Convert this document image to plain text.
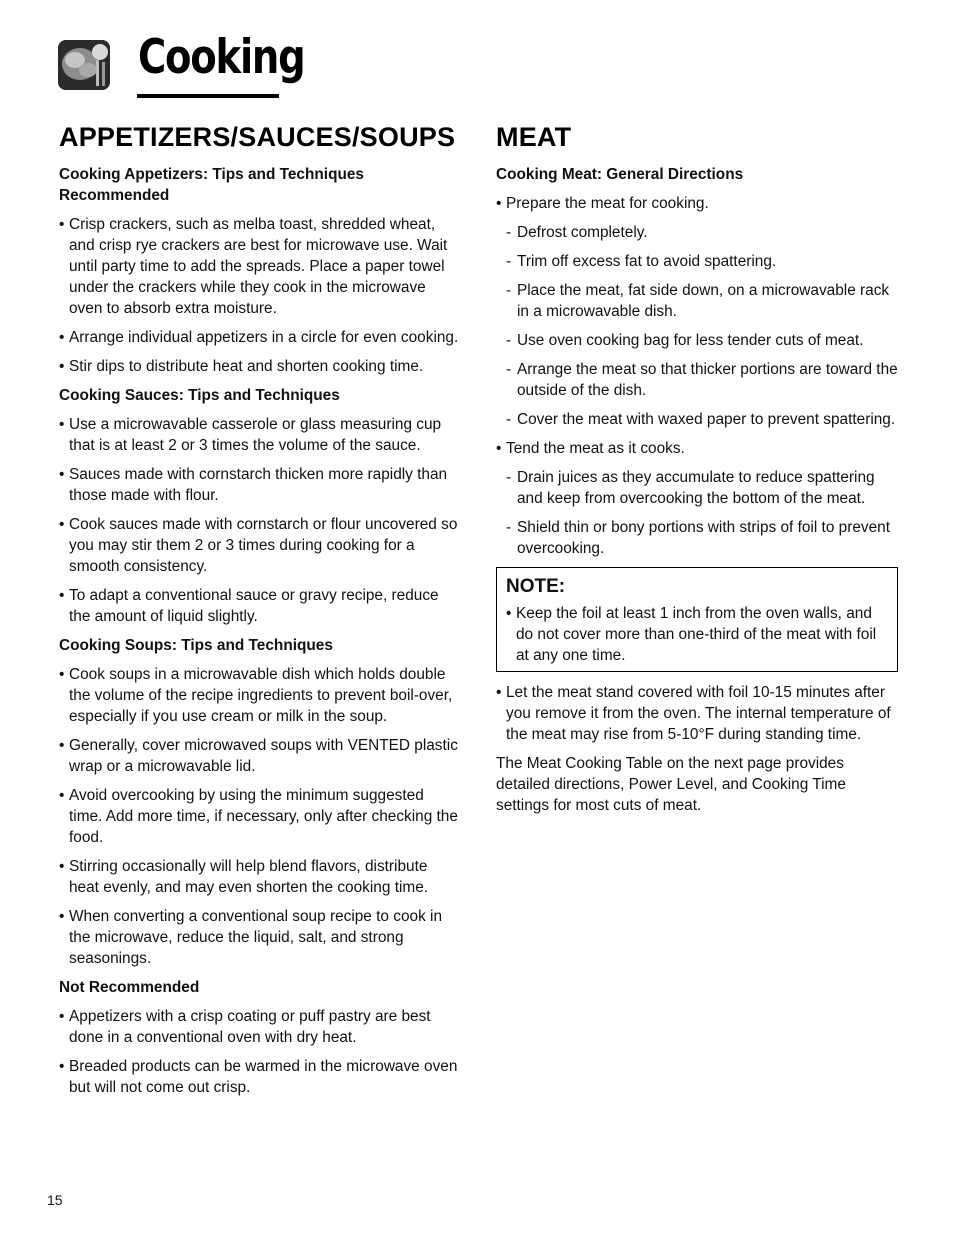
Cooking
APPETIZERS/SAUCES/SOUPS

Cooking Appetizers: Tips and Techniques Recommended

• Crisp crackers, such as melba toast, shredded wheat, and crisp rye crackers are best for microwave use. Wait until party time to add the spreads. Place a paper towel under the crackers while they cook in the microwave oven to absorb extra moisture.
• Arrange individual appetizers in a circle for even cooking.
• Stir dips to distribute heat and shorten cooking time.

Cooking Sauces: Tips and Techniques

• Use a microwavable casserole or glass measuring cup that is at least 2 or 3 times the volume of the sauce.
• Sauces made with cornstarch thicken more rapidly than those made with flour.
• Cook sauces made with cornstarch or flour uncovered so you may stir them 2 or 3 times during cooking for a smooth consistency.
• To adapt a conventional sauce or gravy recipe, reduce the amount of liquid slightly.

Cooking Soups: Tips and Techniques

• Cook soups in a microwavable dish which holds double the volume of the recipe ingredients to prevent boil-over, especially if you use cream or milk in the soup.
• Generally, cover microwaved soups with VENTED plastic wrap or a microwavable lid.
• Avoid overcooking by using the minimum suggested time. Add more time, if necessary, only after checking the food.
• Stirring occasionally will help blend flavors, distribute heat evenly, and may even shorten the cooking time.
• When converting a conventional soup recipe to cook in the microwave, reduce the liquid, salt, and strong seasonings.

Not Recommended

• Appetizers with a crisp coating or puff pastry are best done in a conventional oven with dry heat.
• Breaded products can be warmed in the microwave oven but will not come out crisp.
MEAT

Cooking Meat: General Directions

• Prepare the meat for cooking.
- Defrost completely.
- Trim off excess fat to avoid spattering.
- Place the meat, fat side down, on a microwavable rack in a microwavable dish.
- Use oven cooking bag for less tender cuts of meat.
- Arrange the meat so that thicker portions are toward the outside of the dish.
- Cover the meat with waxed paper to prevent spattering.
• Tend the meat as it cooks.
- Drain juices as they accumulate to reduce spattering and keep from overcooking the bottom of the meat.
- Shield thin or bony portions with strips of foil to prevent overcooking.

NOTE:

• Keep the foil at least 1 inch from the oven walls, and do not cover more than one-third of the meat with foil at any one time.
• Let the meat stand covered with foil 10-15 minutes after you remove it from the oven. The internal temperature of the meat may rise from 5-10°F during standing time.

The Meat Cooking Table on the next page provides detailed directions, Power Level, and Cooking Time settings for most cuts of meat.

15
